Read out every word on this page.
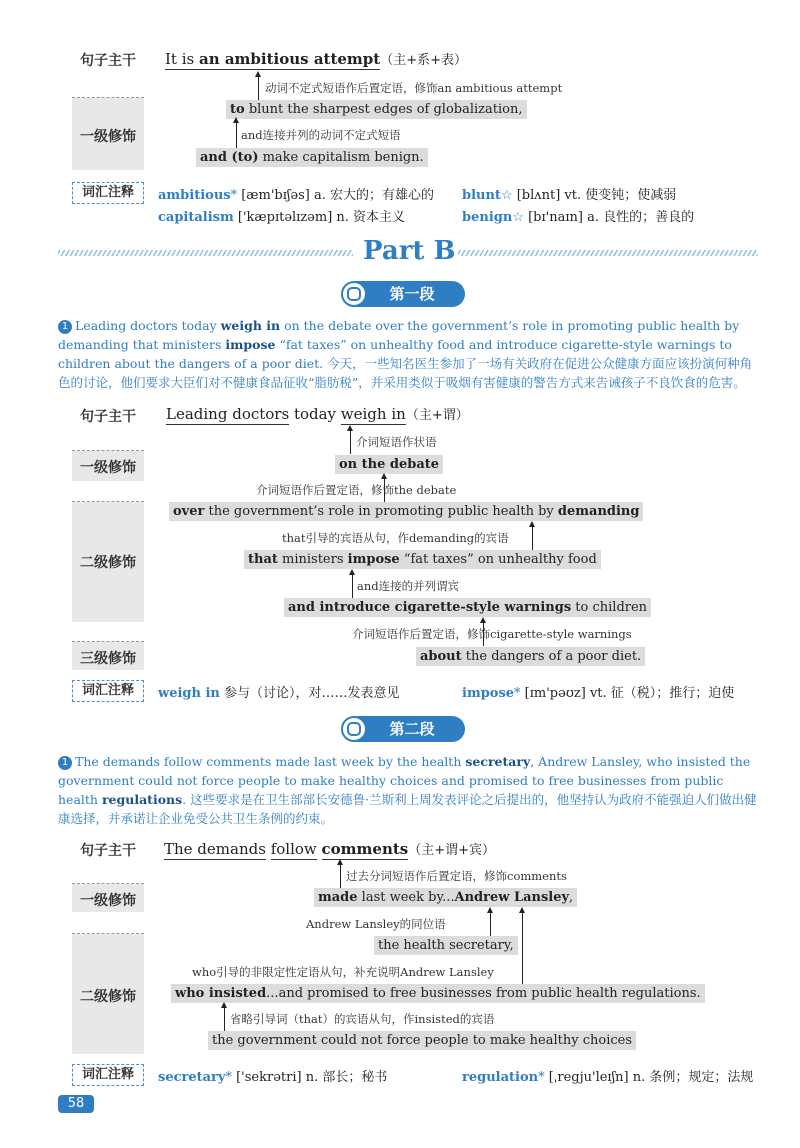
句子主干
一级修饰
It is an ambitious attempt（主+系+表）
动词不定式短语作后置定语，修饰an ambitious attempt
to blunt the sharpest edges of globalization,
and连接并列的动词不定式短语
and (to) make capitalism benign.
词汇注释	ambitious* [æm'bɪʃəs] a. 宏大的；有雄心的 blunt☆ [blʌnt] vt. 使变钝；使减弱
capitalism ['kæpɪtəlɪzəm] n. 资本主义	benign☆ [bɪ'naɪn] a. 良性的；善良的
Part B
第一段
1 Leading doctors today weigh in on the debate over the government’s role in promoting public health by demanding that ministers impose “fat taxes” on unhealthy food and introduce cigarette-style warnings to children about the dangers of a poor diet. 今天，一些知名医生参加了一场有关政府在促进公众健康方面应该扮演何种角色的讨论，他们要求大臣们对不健康食品征收“脂肪税”，并采用类似于吸烟有害健康的警告方式来告诫孩子不良饮食的危害。
句子主干
一级修饰
二级修饰
三级修饰
Leading doctors today weigh in（主+谓）
介词短语作状语
on the debate
介词短语作后置定语，修饰the debate
over the government’s role in promoting public health by demanding
that引导的宾语从句，作demanding的宾语
that ministers impose “fat taxes” on unhealthy food
and连接的并列谓宾
and introduce cigarette-style warnings to children
介词短语作后置定语，修饰cigarette-style warnings
about the dangers of a poor diet.
词汇注释	weigh in 参与（讨论），对……发表意见	impose* [ɪm'pəʊz] vt. 征（税）；推行；迫使
第二段
1 The demands follow comments made last week by the health secretary, Andrew Lansley, who insisted the government could not force people to make healthy choices and promised to free businesses from public health regulations. 这些要求是在卫生部部长安德鲁·兰斯利上周发表评论之后提出的，他坚持认为政府不能强迫人们做出健康选择，并承诺让企业免受公共卫生条例的约束。
句子主干
一级修饰
二级修饰
The demands follow comments（主+谓+宾）
过去分词短语作后置定语，修饰comments
made last week by...Andrew Lansley,
Andrew Lansley的同位语
the health secretary,
who引导的非限定性定语从句，补充说明Andrew Lansley
who insisted...and promised to free businesses from public health regulations.
省略引导词（that）的宾语从句，作insisted的宾语
the government could not force people to make healthy choices
词汇注释	secretary* ['sekrətri] n. 部长；秘书	regulation* [ˌregju'leɪʃn] n. 条例；规定；法规
58
